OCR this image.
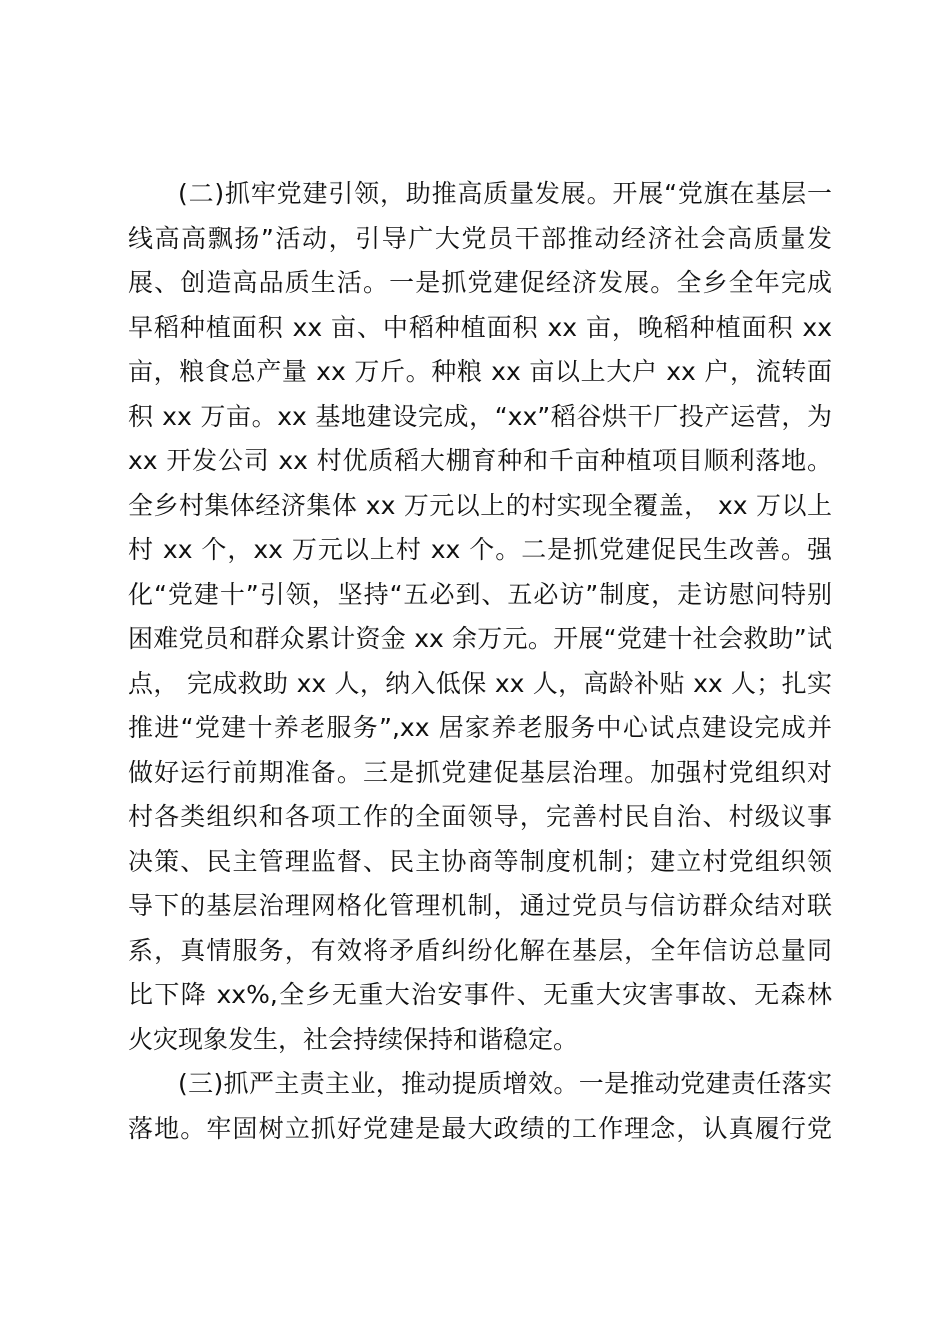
(二)抓牢党建引领，助推高质量发展。开展“党旗在基层一
线高高飘扬”活动，引导广大党员干部推动经济社会高质量发
展、创造高品质生活。一是抓党建促经济发展。全乡全年完成
早稻种植面积 xx 亩、中稻种植面积 xx 亩，晚稻种植面积 xx
亩，粮食总产量 xx 万斤。种粮 xx 亩以上大户 xx 户，流转面
积 xx 万亩。xx 基地建设完成，“xx”稻谷烘干厂投产运营，为
xx 开发公司 xx 村优质稻大棚育种和千亩种植项目顺利落地。
全乡村集体经济集体 xx 万元以上的村实现全覆盖， xx 万以上
村 xx 个，xx 万元以上村 xx 个。二是抓党建促民生改善。强
化“党建十”引领，坚持“五必到、五必访”制度，走访慰问特别
困难党员和群众累计资金 xx 余万元。开展“党建十社会救助”试
点， 完成救助 xx 人，纳入低保 xx 人，高龄补贴 xx 人；扎实
推进“党建十养老服务”,xx 居家养老服务中心试点建设完成并
做好运行前期准备。三是抓党建促基层治理。加强村党组织对
村各类组织和各项工作的全面领导，完善村民自治、村级议事
决策、民主管理监督、民主协商等制度机制；建立村党组织领
导下的基层治理网格化管理机制，通过党员与信访群众结对联
系，真情服务，有效将矛盾纠纷化解在基层，全年信访总量同
比下降 xx%,全乡无重大治安事件、无重大灾害事故、无森林
火灾现象发生，社会持续保持和谐稳定。

(三)抓严主责主业，推动提质增效。一是推动党建责任落实
落地。牢固树立抓好党建是最大政绩的工作理念，认真履行党
